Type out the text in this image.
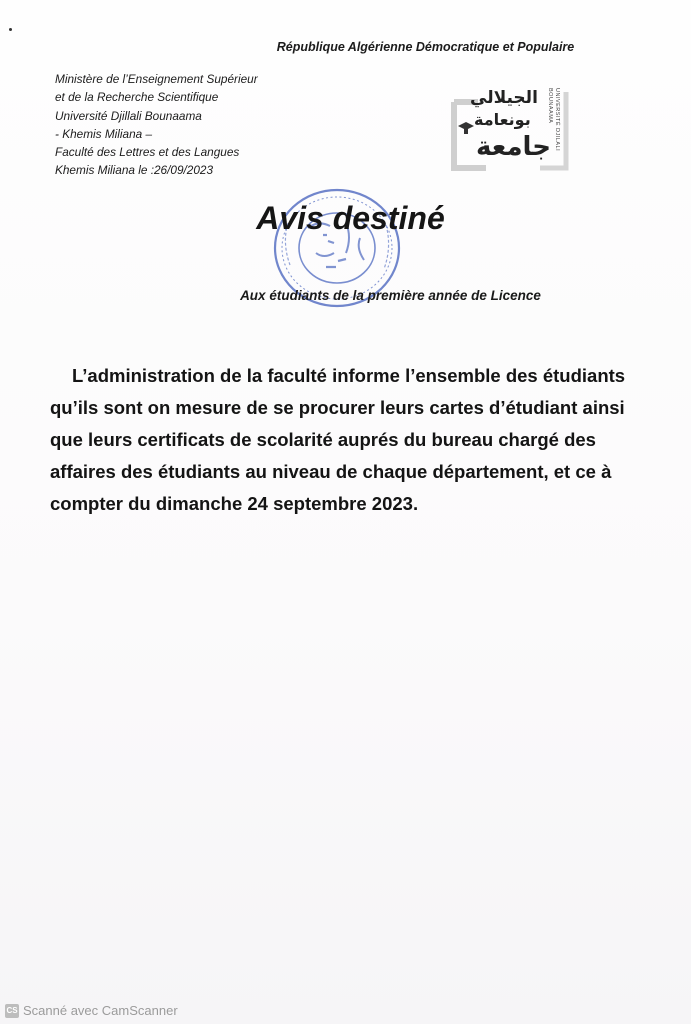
République Algérienne Démocratique et Populaire
Ministère de l’Enseignement Supérieur
et de la Recherche Scientifique
Université Djillali Bounaama
- Khemis Miliana –
Faculté des Lettres et des Langues
Khemis Miliana le :26/09/2023
الجيلالي
بونعامة
جامعة UNIVERSITÉ DJILALI BOUNAAMA
Avis destiné
Aux étudiants de la première année de Licence
L’administration de la faculté informe l’ensemble des étudiants
qu’ils sont on mesure de se procurer leurs cartes d’étudiant ainsi
que leurs certificats de scolarité auprés du bureau chargé des
affaires des étudiants au niveau de chaque département, et ce à
compter du dimanche 24 septembre 2023.
CS Scanné avec CamScanner
